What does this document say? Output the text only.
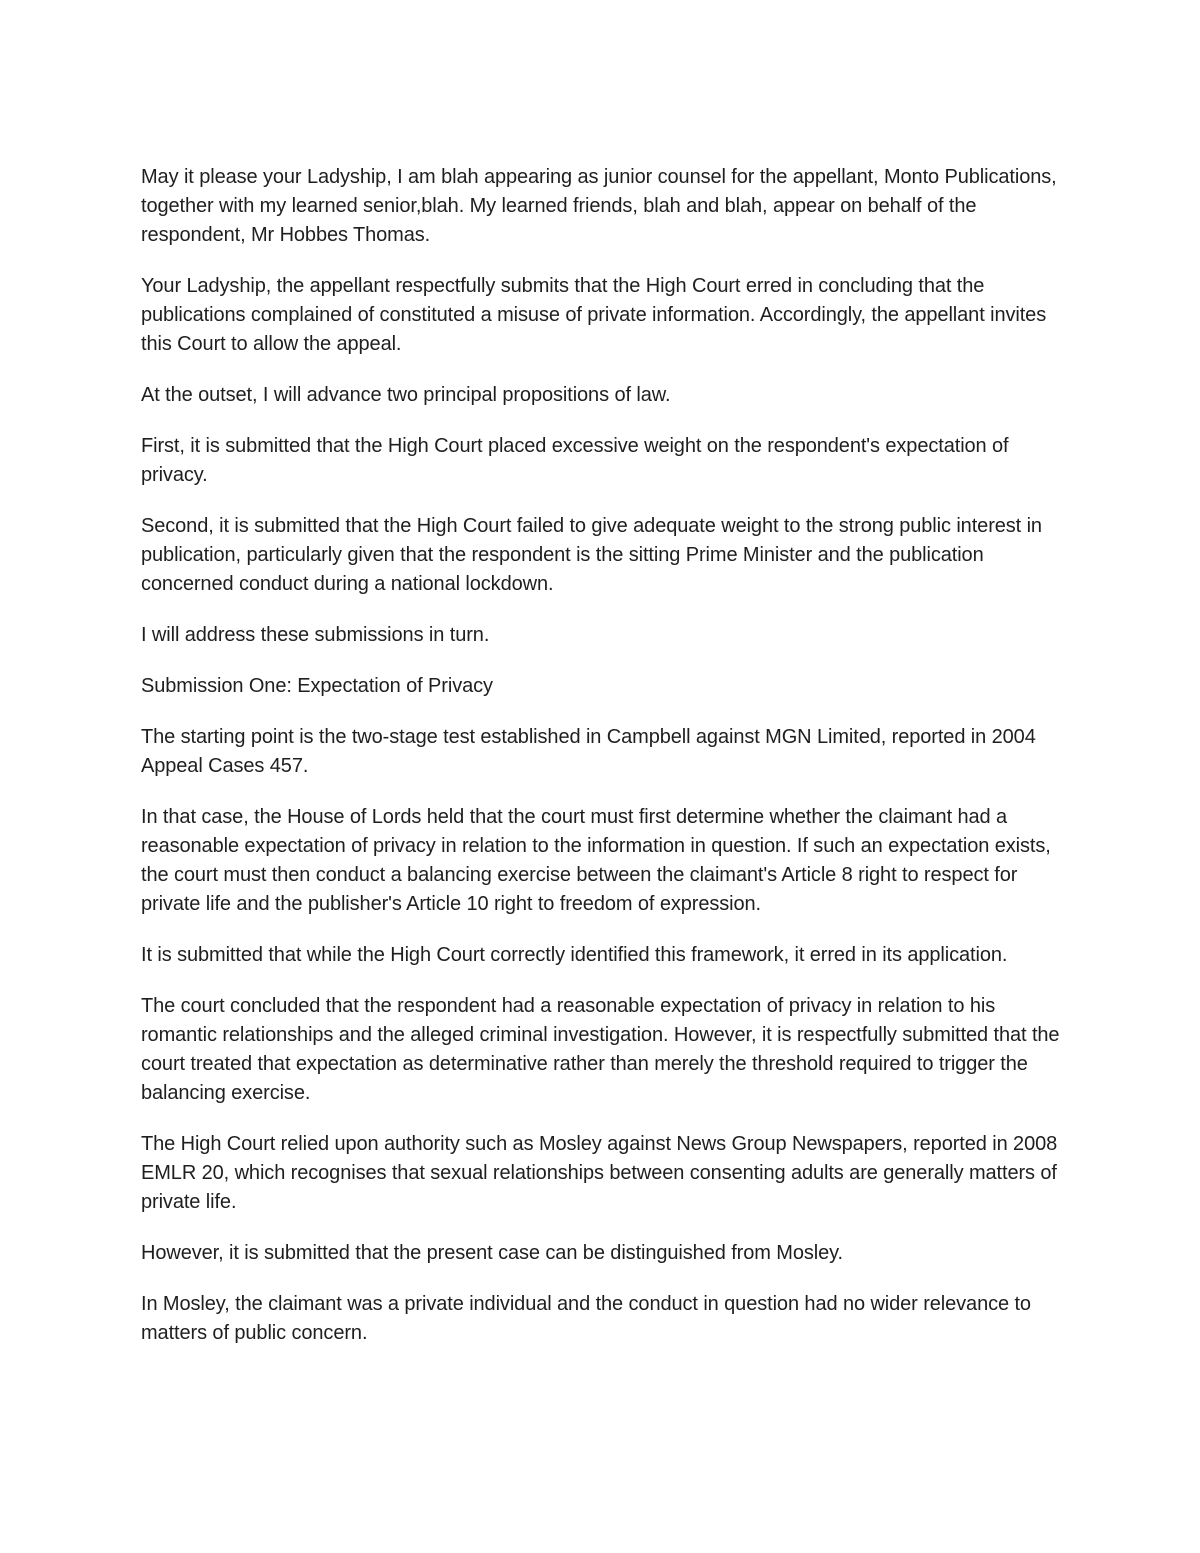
May it please your Ladyship, I am blah appearing as junior counsel for the appellant, Monto Publications, together with my learned senior,blah. My learned friends, blah and blah, appear on behalf of the respondent, Mr Hobbes Thomas.

Your Ladyship, the appellant respectfully submits that the High Court erred in concluding that the publications complained of constituted a misuse of private information. Accordingly, the appellant invites this Court to allow the appeal.

At the outset, I will advance two principal propositions of law.

First, it is submitted that the High Court placed excessive weight on the respondent's expectation of privacy.

Second, it is submitted that the High Court failed to give adequate weight to the strong public interest in publication, particularly given that the respondent is the sitting Prime Minister and the publication concerned conduct during a national lockdown.

I will address these submissions in turn.

Submission One: Expectation of Privacy

The starting point is the two-stage test established in Campbell against MGN Limited, reported in 2004 Appeal Cases 457.

In that case, the House of Lords held that the court must first determine whether the claimant had a reasonable expectation of privacy in relation to the information in question. If such an expectation exists, the court must then conduct a balancing exercise between the claimant's Article 8 right to respect for private life and the publisher's Article 10 right to freedom of expression.

It is submitted that while the High Court correctly identified this framework, it erred in its application.

The court concluded that the respondent had a reasonable expectation of privacy in relation to his romantic relationships and the alleged criminal investigation. However, it is respectfully submitted that the court treated that expectation as determinative rather than merely the threshold required to trigger the balancing exercise.

The High Court relied upon authority such as Mosley against News Group Newspapers, reported in 2008 EMLR 20, which recognises that sexual relationships between consenting adults are generally matters of private life.

However, it is submitted that the present case can be distinguished from Mosley.

In Mosley, the claimant was a private individual and the conduct in question had no wider relevance to matters of public concern.
